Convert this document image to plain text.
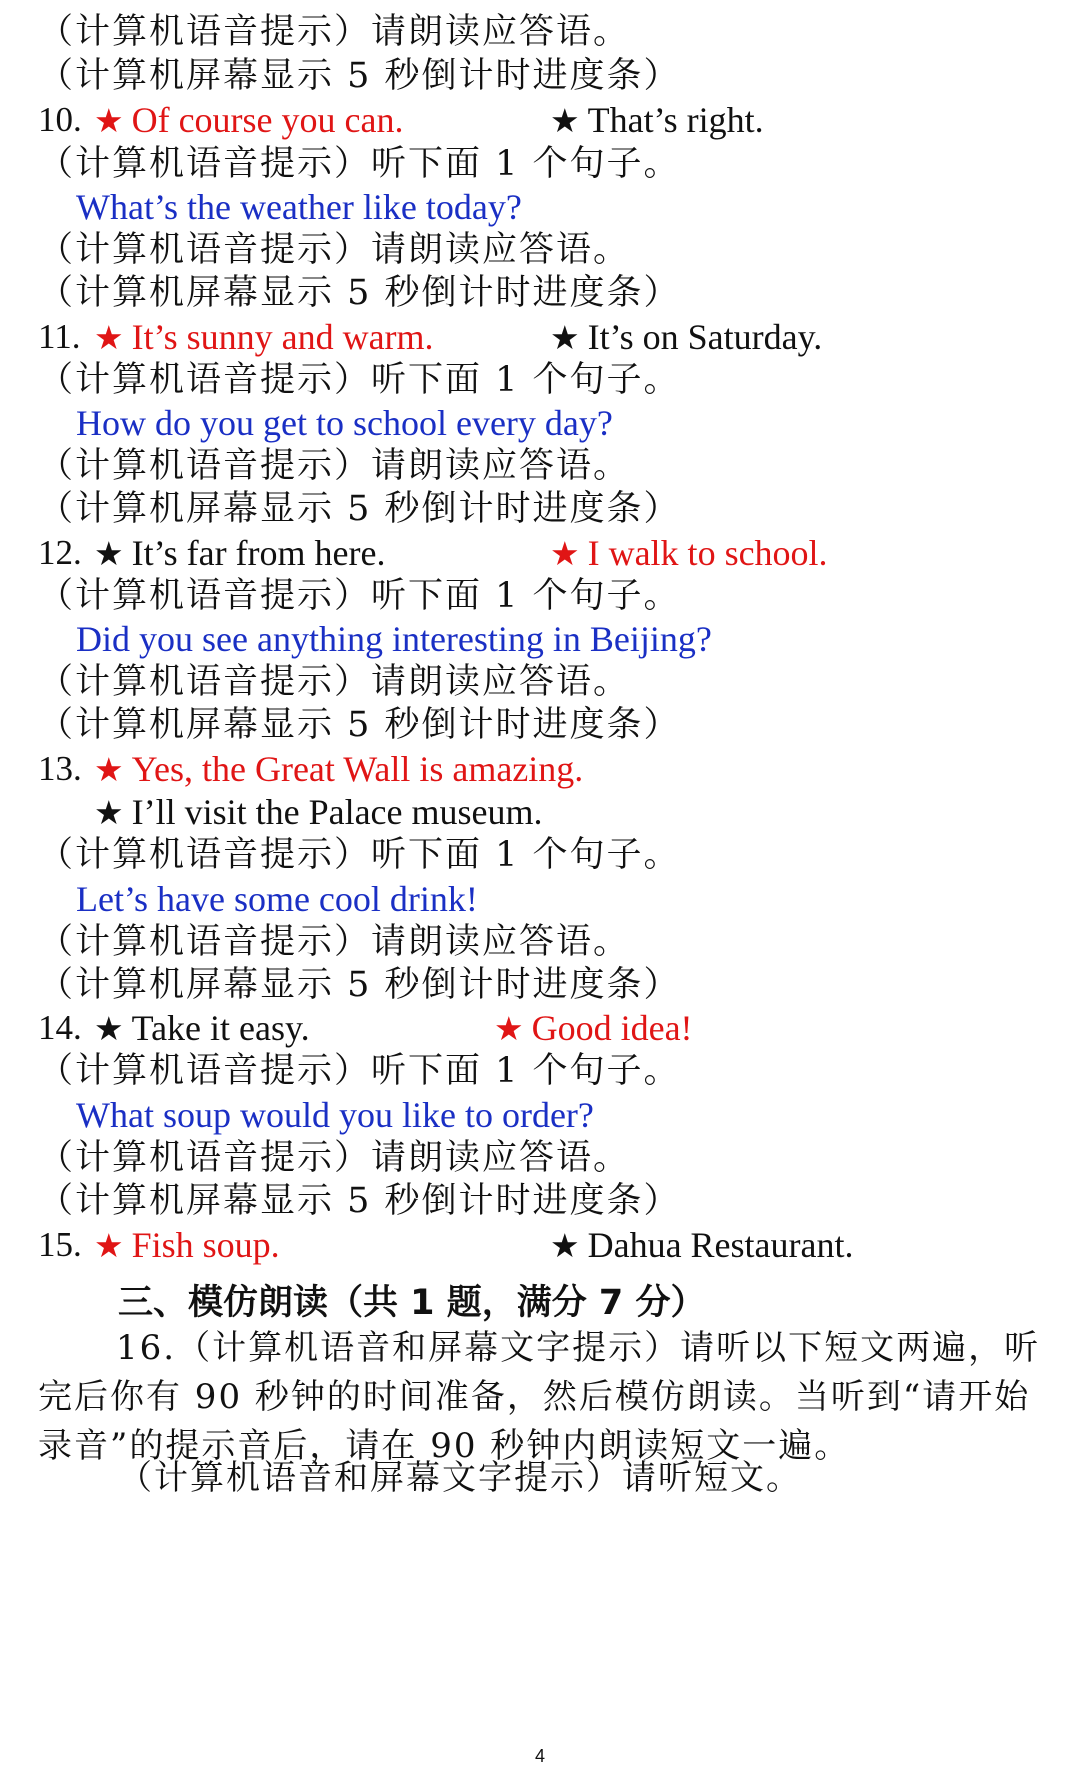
（计算机语音提示）请朗读应答语。
（计算机屏幕显示 5 秒倒计时进度条）
10. ★ Of course you can.	★ That’s right.
（计算机语音提示）听下面 1 个句子。
What’s the weather like today?
（计算机语音提示）请朗读应答语。
（计算机屏幕显示 5 秒倒计时进度条）
11. ★ It’s sunny and warm.	★ It’s on Saturday.
（计算机语音提示）听下面 1 个句子。
How do you get to school every day?
（计算机语音提示）请朗读应答语。
（计算机屏幕显示 5 秒倒计时进度条）
12. ★ It’s far from here.	★ I walk to school.
（计算机语音提示）听下面 1 个句子。
Did you see anything interesting in Beijing?
（计算机语音提示）请朗读应答语。
（计算机屏幕显示 5 秒倒计时进度条）
13. ★ Yes, the Great Wall is amazing.
★ I’ll visit the Palace museum.
（计算机语音提示）听下面 1 个句子。
Let’s have some cool drink!
（计算机语音提示）请朗读应答语。
（计算机屏幕显示 5 秒倒计时进度条）
14. ★ Take it easy.	★ Good idea!
（计算机语音提示）听下面 1 个句子。
What soup would you like to order?
（计算机语音提示）请朗读应答语。
（计算机屏幕显示 5 秒倒计时进度条）
15. ★ Fish soup.	★ Dahua Restaurant.
三、模仿朗读（共 1 题，满分 7 分）
16.（计算机语音和屏幕文字提示）请听以下短文两遍，听完后你有 90 秒钟的时间准备，然后模仿朗读。当听到“请开始录音”的提示音后，请在 90 秒钟内朗读短文一遍。
（计算机语音和屏幕文字提示）请听短文。
4
